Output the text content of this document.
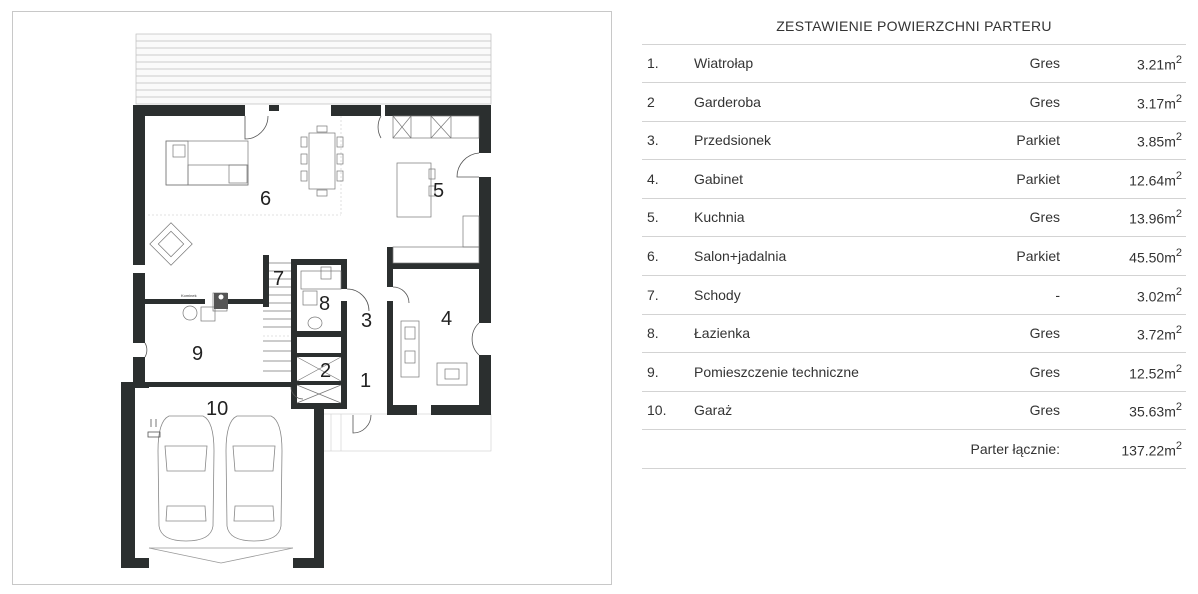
Kominek
1
2
3	4
5
6
7
8
9
10
ZESTAWIENIE POWIERZCHNI PARTERU
1.	Wiatrołap	Gres	$3.21m^2$
2	Garderoba	Gres	$3.17m^2$
3.	Przedsionek	Parkiet	$3.85m^2$
4.	Gabinet	Parkiet	$12.64m^2$
5.	Kuchnia	Gres	$13.96m^2$
6.	Salon+jadalnia	Parkiet	$45.50m^2$
7.	Schody	-	$3.02m^2$
8.	Łazienka	Gres	$3.72m^2$
9.	Pomieszczenie techniczne	Gres	$12.52m^2$
10. Garaż	Gres	$35.63m^2$
Parter łącznie:	$137.22m^2$
